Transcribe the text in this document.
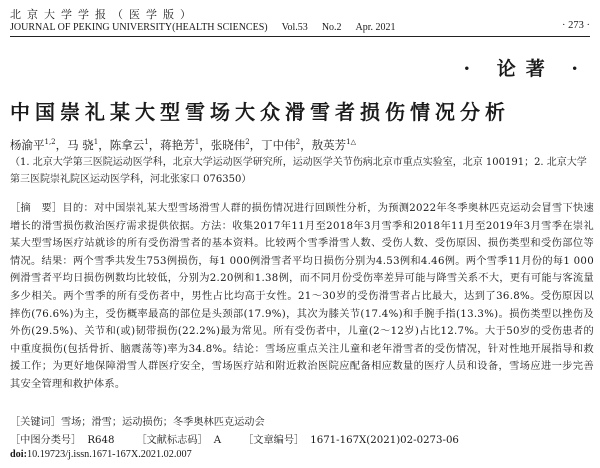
北京大学学报（医学版）
JOURNAL OF PEKING UNIVERSITY(HEALTH SCIENCES) Vol.53 No.2 Apr. 2021	· 273 ·
· 论著 ·
中国崇礼某大型雪场大众滑雪者损伤情况分析
杨渝平$^{1,2}$，马 骁$^1$，陈拿云$^1$，蒋艳芳$^1$，张晓伟$^2$，丁中伟$^2$，敖英芳$^{1\triangle}$
（1. 北京大学第三医院运动医学科，北京大学运动医学研究所，运动医学关节伤病北京市重点实验室，北京 100191；2. 北京大学第三医院崇礼院区运动医学科，河北张家口 076350）
［摘　要］目的：对中国崇礼某大型雪场滑雪人群的损伤情况进行回顾性分析，为预测2022年冬季奥林匹克运动会冒雪下快速增长的滑雪损伤救治医疗需求提供依据。方法：收集2017年11月至2018年3月雪季和2018年11月至2019年3月雪季在崇礼某大型雪场医疗站就诊的所有受伤滑雪者的基本资料。比较两个雪季滑雪人数、受伤人数、受伤原因、损伤类型和受伤部位等情况。结果：两个雪季共发生753例损伤，每1 000例滑雪者平均日损伤分别为4.53例和4.46例。两个雪季11月份的每1 000例滑雪者平均日损伤例数均比较低，分别为2.20例和1.38例，而不同月份受伤率差异可能与降雪关系不大，更有可能与客流量多少相关。两个雪季的所有受伤者中，男性占比均高于女性。21～30岁的受伤滑雪者占比最大，达到了36.8%。受伤原因以摔伤(76.6%)为主，受伤概率最高的部位是头颈部(17.9%)，其次为膝关节(17.4%)和手腕手指(13.3%)。损伤类型以挫伤及外伤(29.5%)、关节和(或)韧带损伤(22.2%)最为常见。所有受伤者中，儿童(2～12岁)占比12.7%。大于50岁的受伤患者的中重度损伤(包括骨折、脑震荡等)率为34.8%。结论：雪场应重点关注儿童和老年滑雪者的受伤情况，针对性地开展指导和救援工作；为更好地保障滑雪人群医疗安全，雪场医疗站和附近救治医院应配备相应数量的医疗人员和设备，雪场应进一步完善其安全管理和救护体系。
［关键词］雪场；滑雪；运动损伤；冬季奥林匹克运动会
［中图分类号］ R648 ［文献标志码］ A ［文章编号］ 1671-167X(2021)02-0273-06
doi:10.19723/j.issn.1671-167X.2021.02.007
